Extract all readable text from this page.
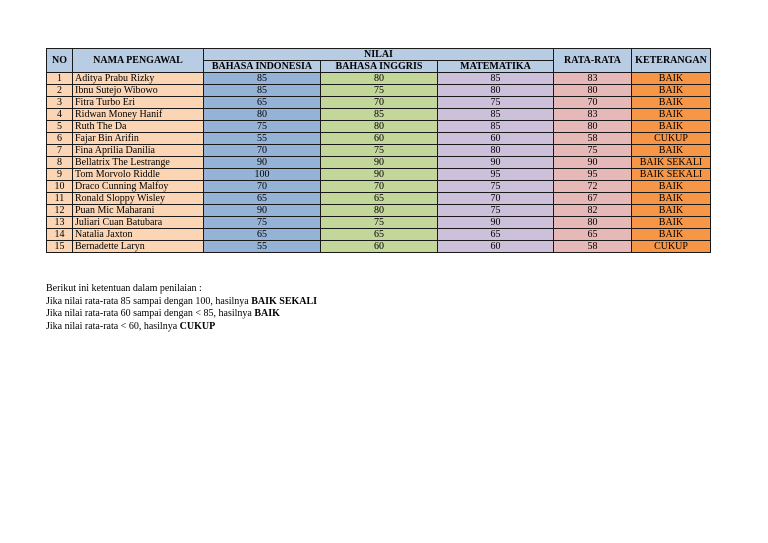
NO	NAMA PENGAWAL	NILAI			RATA-RATA	KETERANGAN
		BAHASA INDONESIA	BAHASA INGGRIS	MATEMATIKA		
1	Aditya Prabu Rizky	85	80	85	83	BAIK
2	Ibnu Sutejo Wibowo	85	75	80	80	BAIK
3	Fitra Turbo Eri	65	70	75	70	BAIK
4	Ridwan Money Hanif	80	85	85	83	BAIK
5	Ruth The Da	75	80	85	80	BAIK
6	Fajar Bin Arifin	55	60	60	58	CUKUP
7	Fina Aprilia Danilia	70	75	80	75	BAIK
8	Bellatrix The Lestrange	90	90	90	90	BAIK SEKALI
9	Tom Morvolo Riddle	100	90	95	95	BAIK SEKALI
10	Draco Cunning Malfoy	70	70	75	72	BAIK
11	Ronald Sloppy Wisley	65	65	70	67	BAIK
12	Puan Mic Maharani	90	80	75	82	BAIK
13	Juliari Cuan Batubara	75	75	90	80	BAIK
14	Natalia Jaxton	65	65	65	65	BAIK
15	Bernadette Laryn	55	60	60	58	CUKUP
Berikut ini ketentuan dalam penilaian :
Jika nilai rata-rata 85 sampai dengan 100, hasilnya BAIK SEKALI
Jika nilai rata-rata 60 sampai dengan < 85, hasilnya BAIK
Jika nilai rata-rata < 60, hasilnya CUKUP
